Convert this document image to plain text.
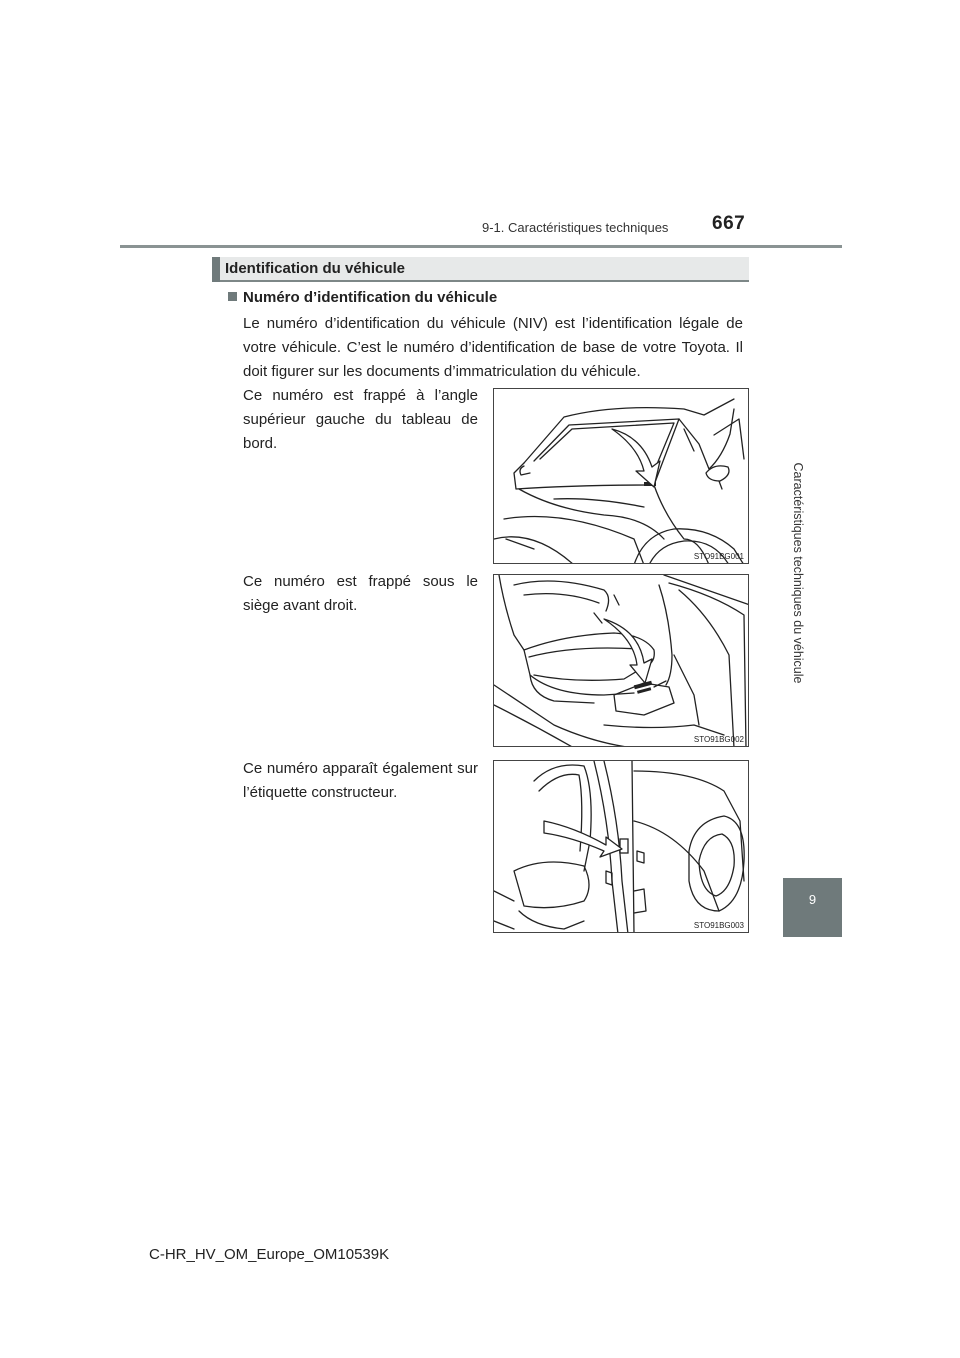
9-1. Caractéristiques techniques 667
Caractéristiques techniques du véhicule
9
Identification du véhicule
Numéro d’identification du véhicule
Le numéro d’identification du véhicule (NIV) est l’identification légale de votre véhicule. C’est le numéro d’identification de base de votre Toyota. Il doit figurer sur les documents d’immatriculation du véhicule.
Ce numéro est frappé à l’angle supérieur gauche du tableau de bord.
STO91BG001
Ce numéro est frappé sous le siège avant droit.
STO91BG002
Ce numéro apparaît également sur l’étiquette constructeur.
STO91BG003
C-HR_HV_OM_Europe_OM10539K
